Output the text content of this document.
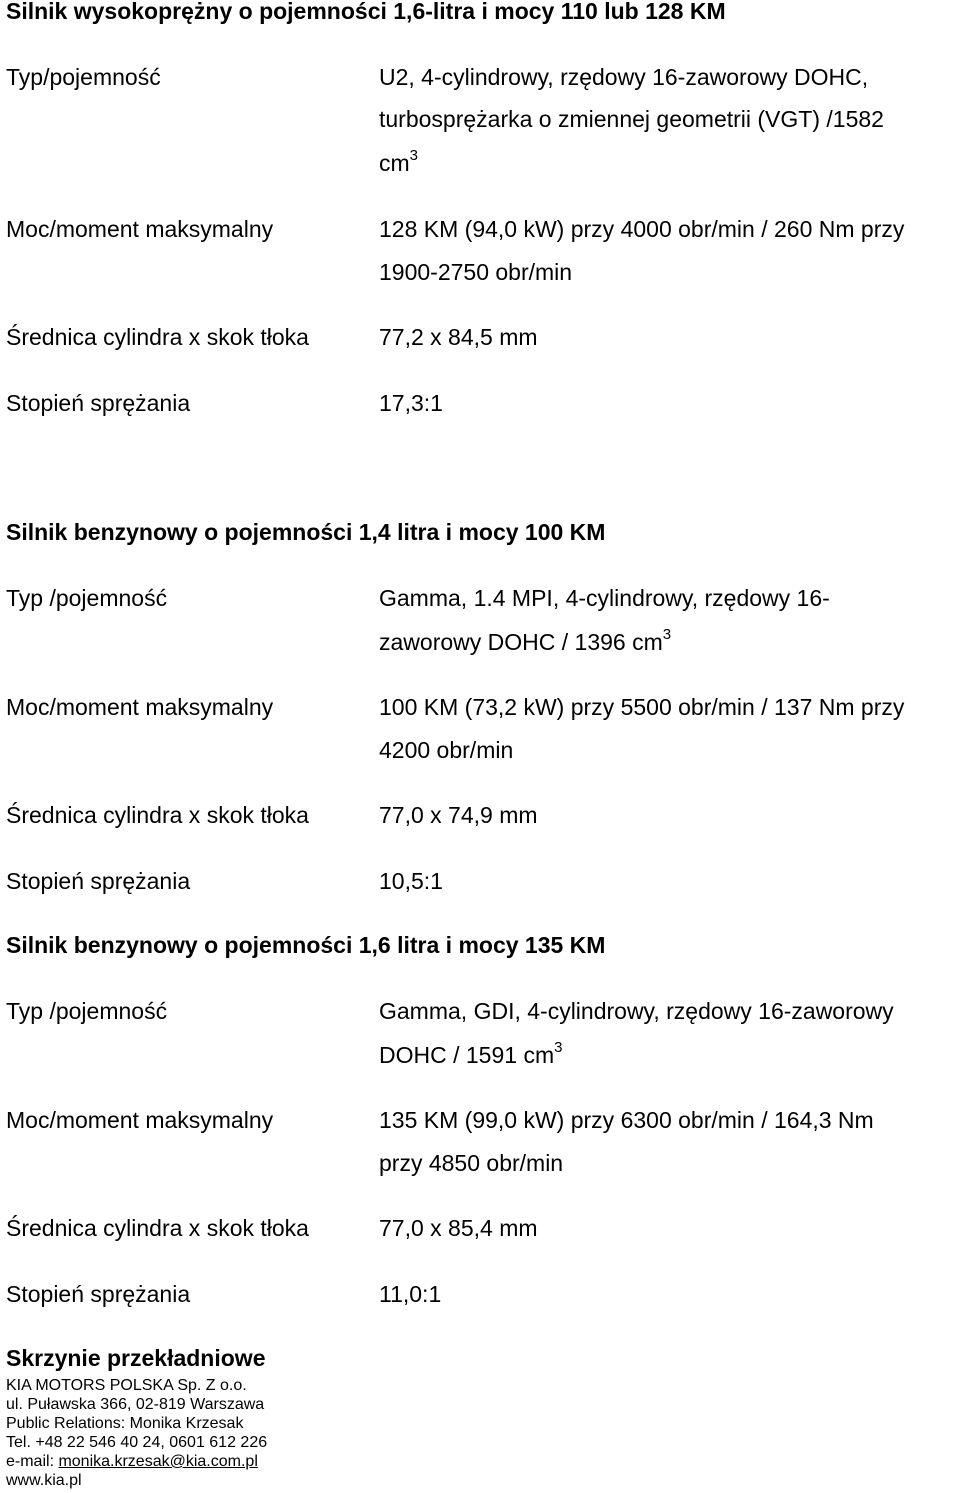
Silnik wysokoprężny o pojemności 1,6-litra i mocy 110 lub 128 KM
Typ/pojemność	U2, 4-cylindrowy, rzędowy 16-zaworowy DOHC,
turbosprężarka o zmiennej geometrii (VGT) /1582
$cm^3$
Moc/moment maksymalny	128 KM (94,0 kW) przy 4000 obr/min / 260 Nm przy
1900-2750 obr/min
Średnica cylindra x skok tłoka	77,2 x 84,5 mm
Stopień sprężania	17,3:1
Silnik benzynowy o pojemności 1,4 litra i mocy 100 KM
Typ /pojemność	Gamma, 1.4 MPI, 4-cylindrowy, rzędowy 16-
zaworowy DOHC / 1396 $cm^3$
Moc/moment maksymalny	100 KM (73,2 kW) przy 5500 obr/min / 137 Nm przy
4200 obr/min
Średnica cylindra x skok tłoka	77,0 x 74,9 mm
Stopień sprężania	10,5:1
Silnik benzynowy o pojemności 1,6 litra i mocy 135 KM
Typ /pojemność	Gamma, GDI, 4-cylindrowy, rzędowy 16-zaworowy
DOHC / 1591 $cm^3$
Moc/moment maksymalny	135 KM (99,0 kW) przy 6300 obr/min / 164,3 Nm
przy 4850 obr/min
Średnica cylindra x skok tłoka	77,0 x 85,4 mm
Stopień sprężania	11,0:1
Skrzynie przekładniowe
KIA MOTORS POLSKA Sp. Z o.o.
ul. Puławska 366, 02-819 Warszawa
Public Relations: Monika Krzesak
Tel. +48 22 546 40 24, 0601 612 226
e-mail: monika.krzesak@kia.com.pl
www.kia.pl
